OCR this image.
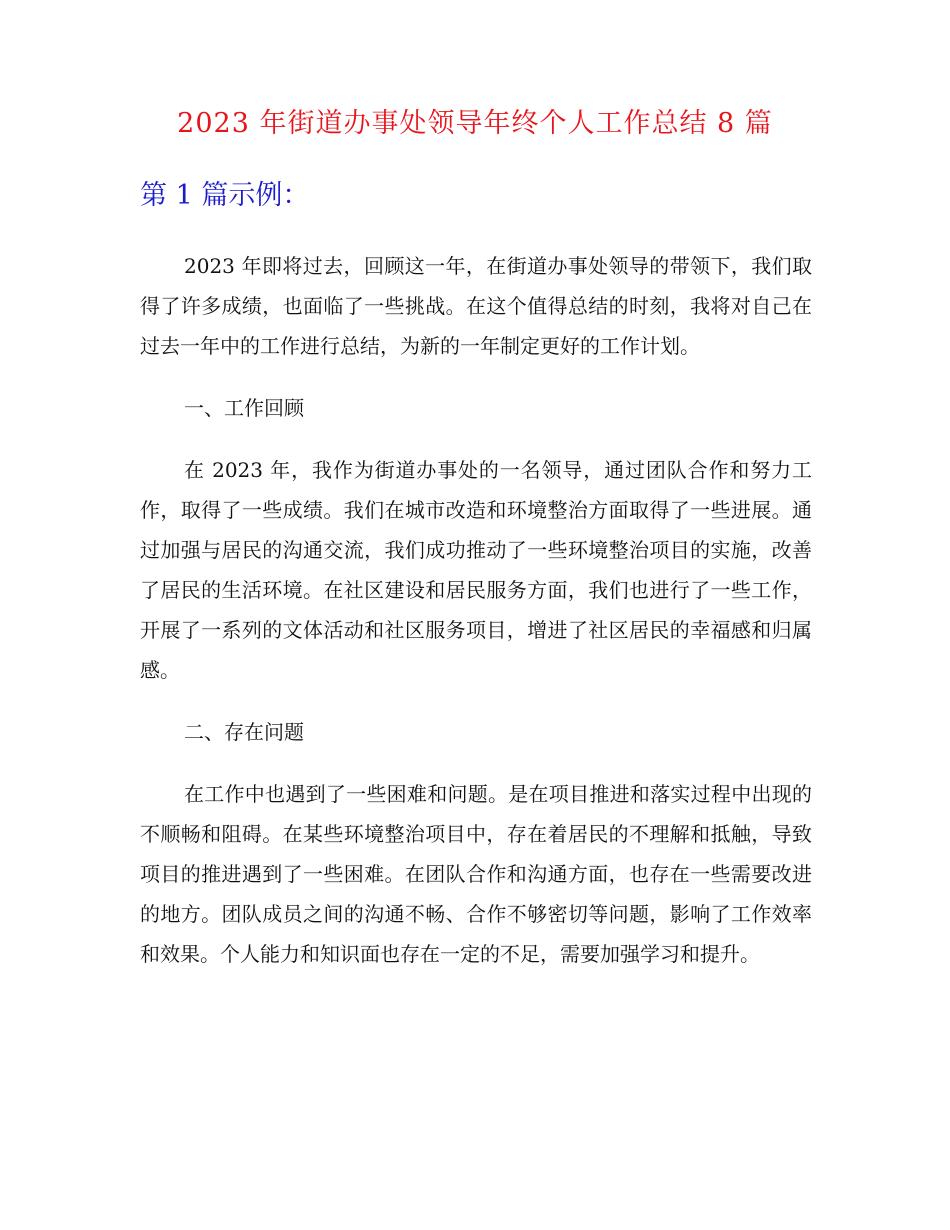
2023 年街道办事处领导年终个人工作总结 8 篇
第 1 篇示例：

2023 年即将过去，回顾这一年，在街道办事处领导的带领下，我们取得了许多成绩，也面临了一些挑战。在这个值得总结的时刻，我将对自己在过去一年中的工作进行总结，为新的一年制定更好的工作计划。

一、工作回顾

在 2023 年，我作为街道办事处的一名领导，通过团队合作和努力工作，取得了一些成绩。我们在城市改造和环境整治方面取得了一些进展。通过加强与居民的沟通交流，我们成功推动了一些环境整治项目的实施，改善了居民的生活环境。在社区建设和居民服务方面，我们也进行了一些工作，开展了一系列的文体活动和社区服务项目，增进了社区居民的幸福感和归属感。

二、存在问题

在工作中也遇到了一些困难和问题。是在项目推进和落实过程中出现的不顺畅和阻碍。在某些环境整治项目中，存在着居民的不理解和抵触，导致项目的推进遇到了一些困难。在团队合作和沟通方面，也存在一些需要改进的地方。团队成员之间的沟通不畅、合作不够密切等问题，影响了工作效率和效果。个人能力和知识面也存在一定的不足，需要加强学习和提升。
